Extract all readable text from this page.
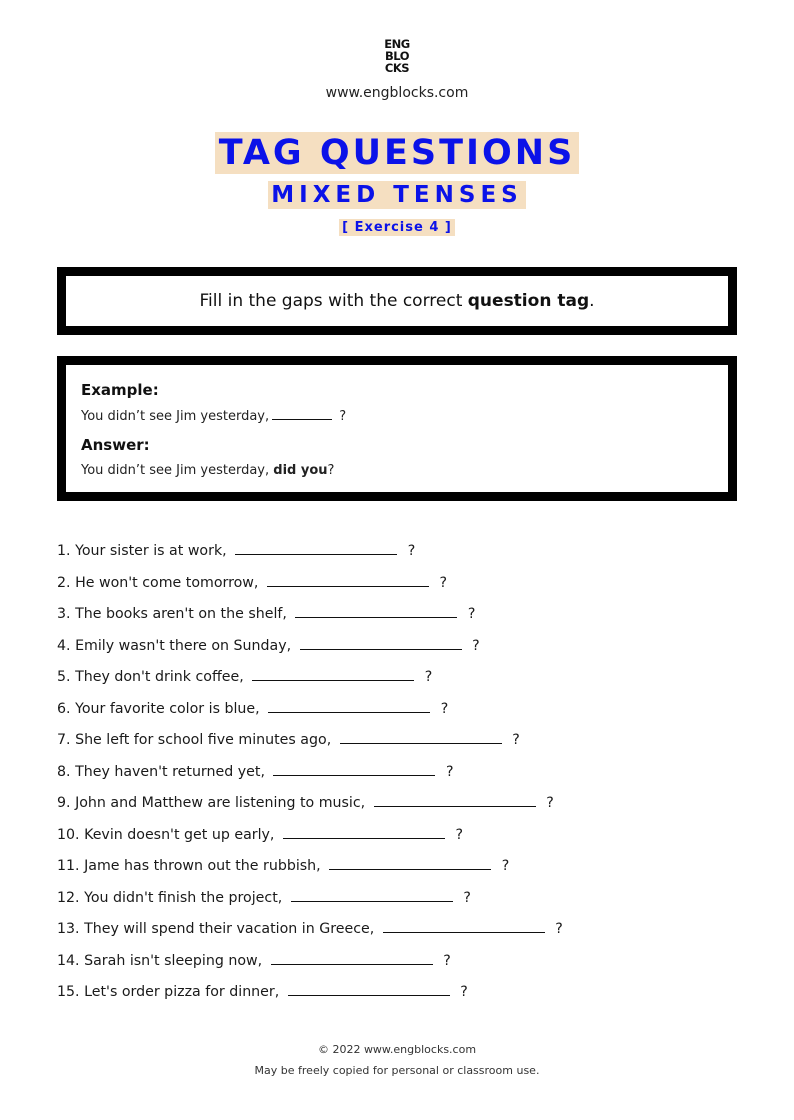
ENG
BLO
CKS
www.engblocks.com
TAG QUESTIONS
MIXED TENSES
[ Exercise 4 ]
Fill in the gaps with the correct question tag.

Example:

You didn’t see Jim yesterday,	?

Answer:

You didn’t see Jim yesterday, did you?

1. Your sister is at work,	?
2. He won't come tomorrow,	?
3. The books aren't on the shelf,	?
4. Emily wasn't there on Sunday,	?
5. They don't drink coffee,	?
6. Your favorite color is blue,	?
7. She left for school five minutes ago,	?
8. They haven't returned yet,	?
9. John and Matthew are listening to music,	?
10. Kevin doesn't get up early,	?
11. Jame has thrown out the rubbish,	?
12. You didn't finish the project,	?
13. They will spend their vacation in Greece,	?
14. Sarah isn't sleeping now,	?
15. Let's order pizza for dinner,	?
© 2022 www.engblocks.com
May be freely copied for personal or classroom use.
